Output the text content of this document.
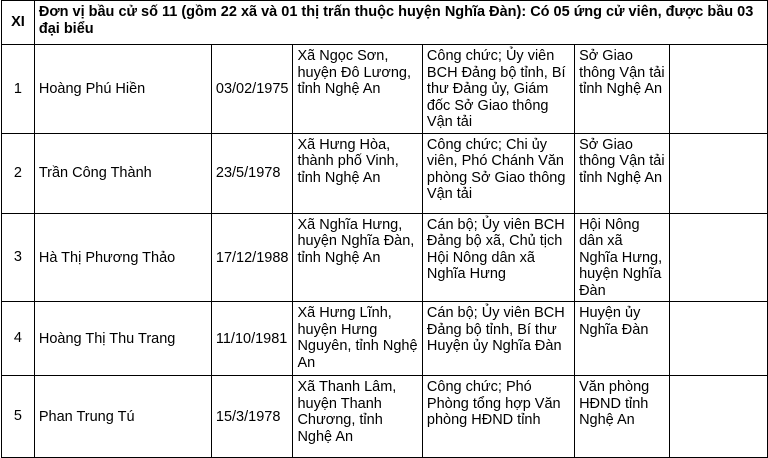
XI	Đơn vị bầu cử số 11 (gồm 22 xã và 01 thị trấn thuộc huyện Nghĩa Đàn): Có 05 ứng cử viên, được bầu 03 đại biểu					
1	Hoàng Phú Hiền	03/02/1975	Xã Ngọc Sơn, huyện Đô Lương, tỉnh Nghệ An	Công chức; Ủy viên BCH Đảng bộ tỉnh, Bí thư Đảng ủy, Giám đốc Sở Giao thông Vận tải	Sở Giao thông Vận tải tỉnh Nghệ An	
2	Trần Công Thành	23/5/1978	Xã Hưng Hòa, thành phố Vinh, tỉnh Nghệ An	Công chức; Chi ủy viên, Phó Chánh Văn phòng Sở Giao thông Vận tải	Sở Giao thông Vận tải tỉnh Nghệ An	
3	Hà Thị Phương Thảo	17/12/1988	Xã Nghĩa Hưng, huyện Nghĩa Đàn, tỉnh Nghệ An	Cán bộ; Ủy viên BCH Đảng bộ xã, Chủ tịch Hội Nông dân xã Nghĩa Hưng	Hội Nông dân xã Nghĩa Hưng, huyện Nghĩa Đàn	
4	Hoàng Thị Thu Trang	11/10/1981	Xã Hưng Lĩnh, huyện Hưng Nguyên, tỉnh Nghệ An	Cán bộ; Ủy viên BCH Đảng bộ tỉnh, Bí thư Huyện ủy Nghĩa Đàn	Huyện ủy Nghĩa Đàn	
5	Phan Trung Tú	15/3/1978	Xã Thanh Lâm, huyện Thanh Chương, tỉnh Nghệ An	Công chức; Phó Phòng tổng hợp Văn phòng HĐND tỉnh	Văn phòng HĐND tỉnh Nghệ An	
